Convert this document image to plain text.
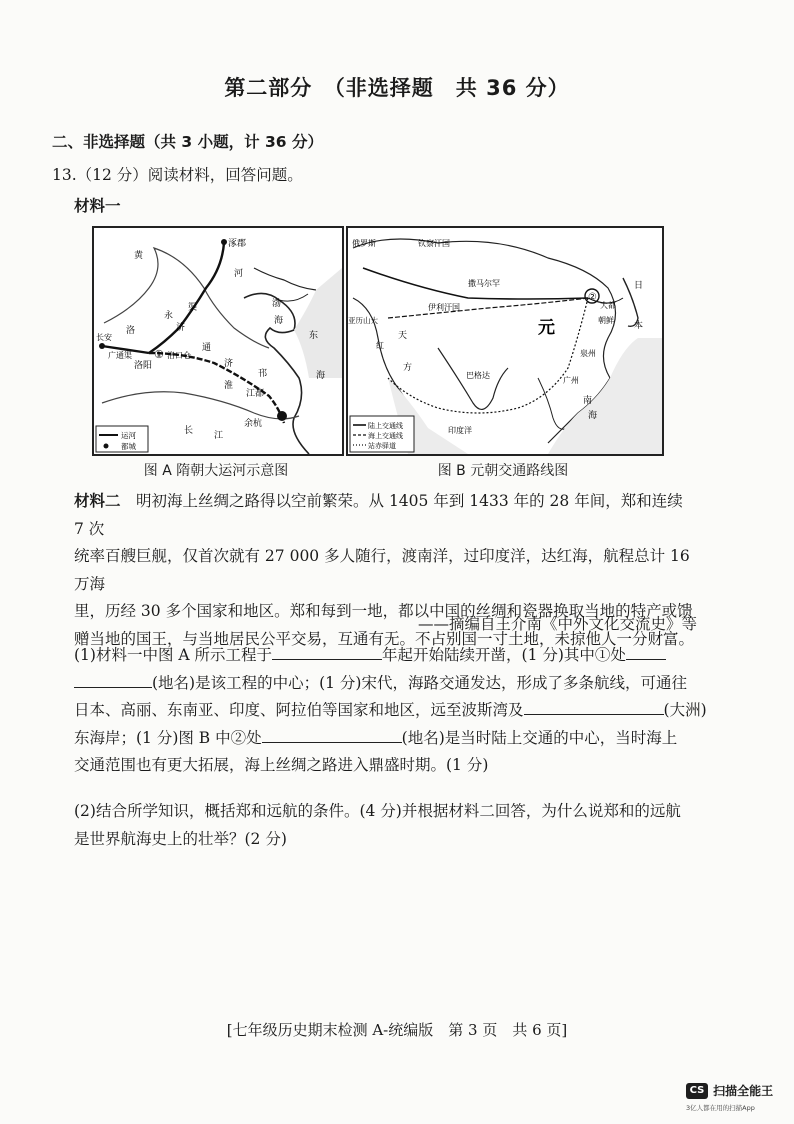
第二部分　（非选择题　共 36 分）
二、非选择题（共 3 小题，计 36 分）
13.（12 分）阅读材料，回答问题。
材料一
涿郡
黄
河
渤
海
永
济
渠
洛
长安
广通渠
洛阳
① 洛口仓
通
济
淮
邗
江都
余杭
长 江
东
海
运河
都城
图 A 隋朝大运河示意图
②
俄罗斯	钦察汗国
撒马尔罕
伊利汗国
亚历山大	元
大都
日
本
天
方
红
巴格达
印度洋
广州
泉州
朝鲜
南
海
陆上交通线
海上交通线
站赤驿道
图 B 元朝交通路线图
材料二　明初海上丝绸之路得以空前繁荣。从 1405 年到 1433 年的 28 年间，郑和连续 7 次
统率百艘巨舰，仅首次就有 27 000 多人随行，渡南洋，过印度洋，达红海，航程总计 16 万海
里，历经 30 多个国家和地区。郑和每到一地，都以中国的丝绸和瓷器换取当地的特产或馈
赠当地的国王，与当地居民公平交易，互通有无。不占别国一寸土地，未掠他人一分财富。
——摘编自王介南《中外文化交流史》等
(1)材料一中图 A 所示工程于	年起开始陆续开凿，(1 分)其中①处
(地名)是该工程的中心；(1 分)宋代，海路交通发达，形成了多条航线，可通往
日本、高丽、东南亚、印度、阿拉伯等国家和地区，远至波斯湾及	(大洲)
东海岸；(1 分)图 B 中②处	(地名)是当时陆上交通的中心，当时海上
交通范围也有更大拓展，海上丝绸之路进入鼎盛时期。(1 分)
(2)结合所学知识，概括郑和远航的条件。(4 分)并根据材料二回答，为什么说郑和的远航
是世界航海史上的壮举？(2 分)
[七年级历史期末检测 A-统编版　第 3 页　共 6 页]
CS 扫描全能王
3亿人都在用的扫描App
